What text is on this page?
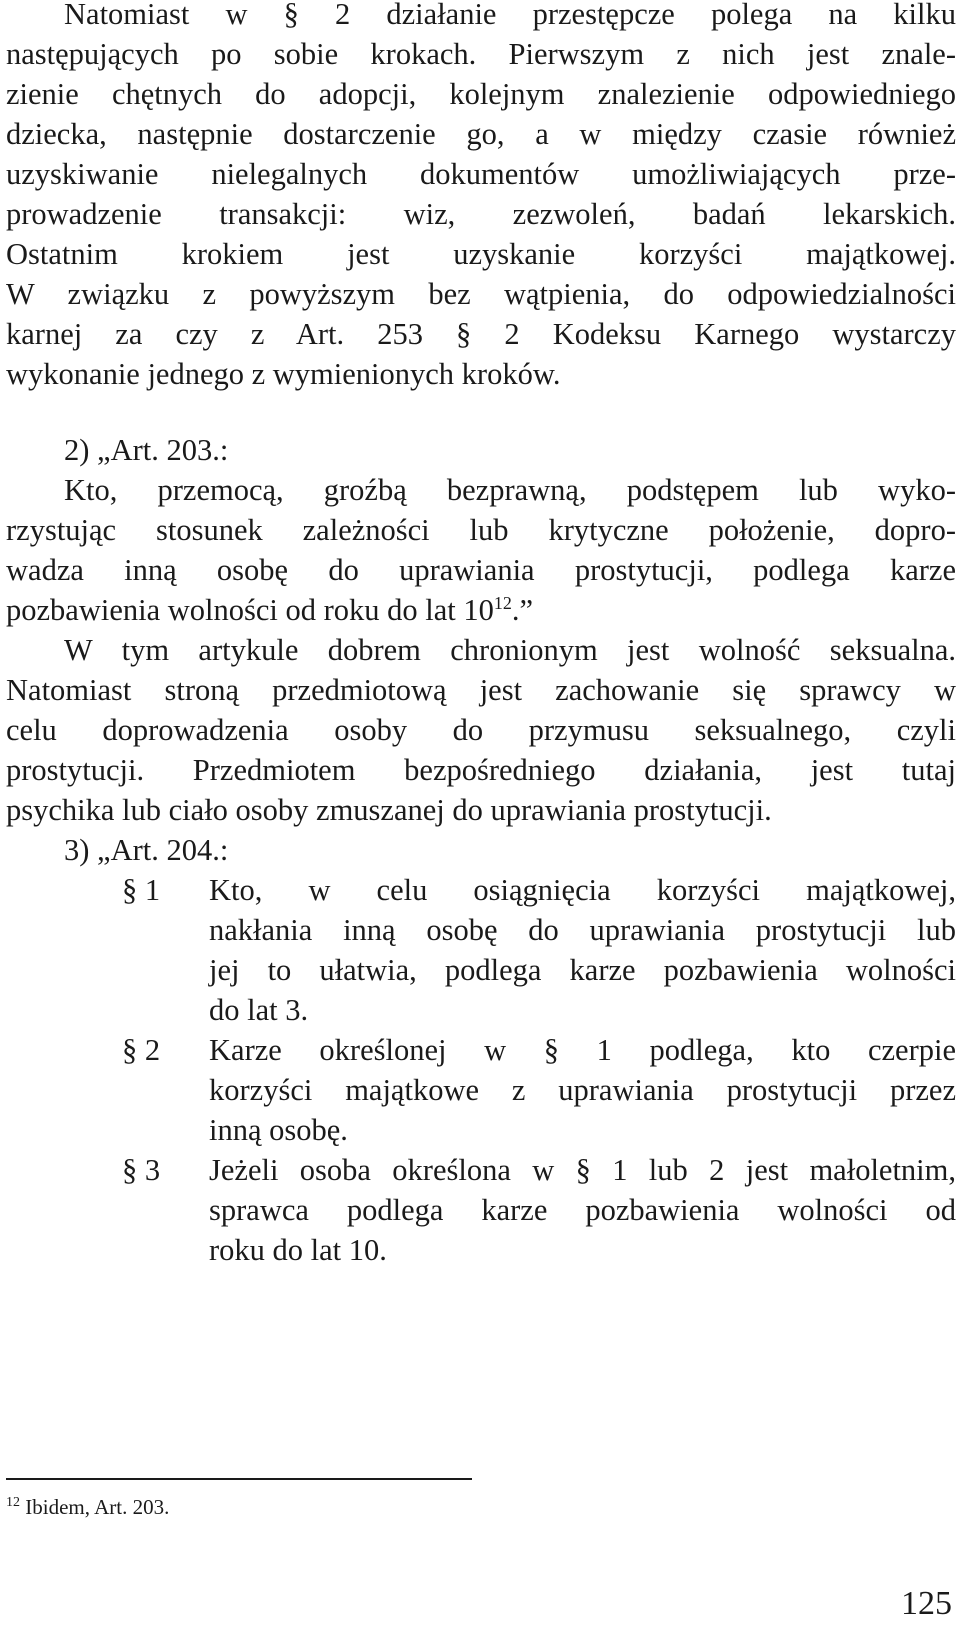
Natomiast w § 2 działanie przestępcze polega na kilku
następujących po sobie krokach. Pierwszym z nich jest znale-
zienie chętnych do adopcji, kolejnym znalezienie odpowiedniego
dziecka, następnie dostarczenie go, a w między czasie również
uzyskiwanie nielegalnych dokumentów umożliwiających prze-
prowadzenie transakcji: wiz, zezwoleń, badań lekarskich.
Ostatnim krokiem jest uzyskanie korzyści majątkowej.
W związku z powyższym bez wątpienia, do odpowiedzialności
karnej za czy z Art. 253 § 2 Kodeksu Karnego wystarczy
wykonanie jednego z wymienionych kroków.
2) „Art. 203.:
Kto, przemocą, groźbą bezprawną, podstępem lub wyko-
rzystując stosunek zależności lub krytyczne położenie, dopro-
wadza inną osobę do uprawiania prostytucji, podlega karze
pozbawienia wolności od roku do lat $10^{12}$.”
W tym artykule dobrem chronionym jest wolność seksualna.
Natomiast stroną przedmiotową jest zachowanie się sprawcy w
celu doprowadzenia osoby do przymusu seksualnego, czyli
prostytucji. Przedmiotem bezpośredniego działania, jest tutaj
psychika lub ciało osoby zmuszanej do uprawiania prostytucji.
3) „Art. 204.:
§ 1 Kto, w celu osiągnięcia korzyści majątkowej,
nakłania inną osobę do uprawiania prostytucji lub
jej to ułatwia, podlega karze pozbawienia wolności
do lat 3.
§ 2 Karze określonej w § 1 podlega, kto czerpie
korzyści majątkowe z uprawiania prostytucji przez
inną osobę.
§ 3 Jeżeli osoba określona w § 1 lub 2 jest małoletnim,
sprawca podlega karze pozbawienia wolności od
roku do lat 10.
$^{12}$ Ibidem, Art. 203.
125
